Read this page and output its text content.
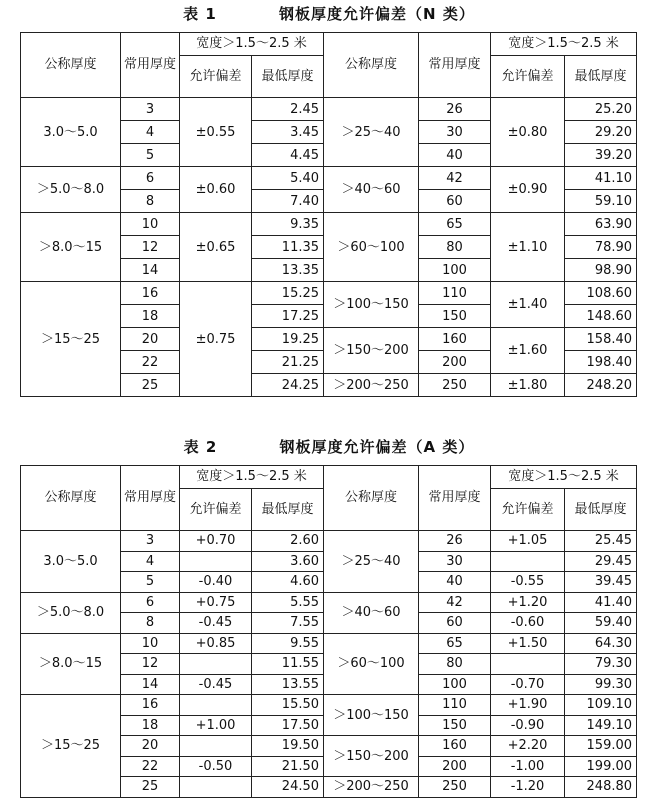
表 1          钢板厚度允许偏差（N 类）
公称厚度	常用厚度	宽度＞1.5～2.5 米		公称厚度	常用厚度	宽度＞1.5～2.5 米	
		允许偏差	最低厚度			允许偏差	最低厚度
3.0～5.0	3	±0.55	2.45	＞25～40	26	±0.80	25.20
	4		3.45		30		29.20
	5		4.45		40		39.20
＞5.0～8.0	6	±0.60	5.40	＞40～60	42	±0.90	41.10
	8		7.40		60		59.10
＞8.0～15	10	±0.65	9.35	＞60～100	65	±1.10	63.90
	12		11.35		80		78.90
	14		13.35		100		98.90
＞15～25	16	±0.75	15.25	＞100～150	110	±1.40	108.60
	18		17.25		150		148.60
	20		19.25	＞150～200	160	±1.60	158.40
	22		21.25		200		198.40
	25		24.25	＞200～250	250	±1.80	248.20
表 2          钢板厚度允许偏差（A 类）
公称厚度	常用厚度	宽度＞1.5～2.5 米		公称厚度	常用厚度	宽度＞1.5～2.5 米	
		允许偏差	最低厚度			允许偏差	最低厚度
3.0～5.0	3	+0.70	2.60	＞25～40	26	+1.05	25.45
	4		3.60		30		29.45
	5	-0.40	4.60		40	-0.55	39.45
＞5.0～8.0	6	+0.75	5.55	＞40～60	42	+1.20	41.40
	8	-0.45	7.55		60	-0.60	59.40
＞8.0～15	10	+0.85	9.55	＞60～100	65	+1.50	64.30
	12		11.55		80		79.30
	14	-0.45	13.55		100	-0.70	99.30
＞15～25	16		15.50	＞100～150	110	+1.90	109.10
	18	+1.00	17.50		150	-0.90	149.10
	20		19.50	＞150～200	160	+2.20	159.00
	22	-0.50	21.50		200	-1.00	199.00
	25		24.50	＞200～250	250	-1.20	248.80
